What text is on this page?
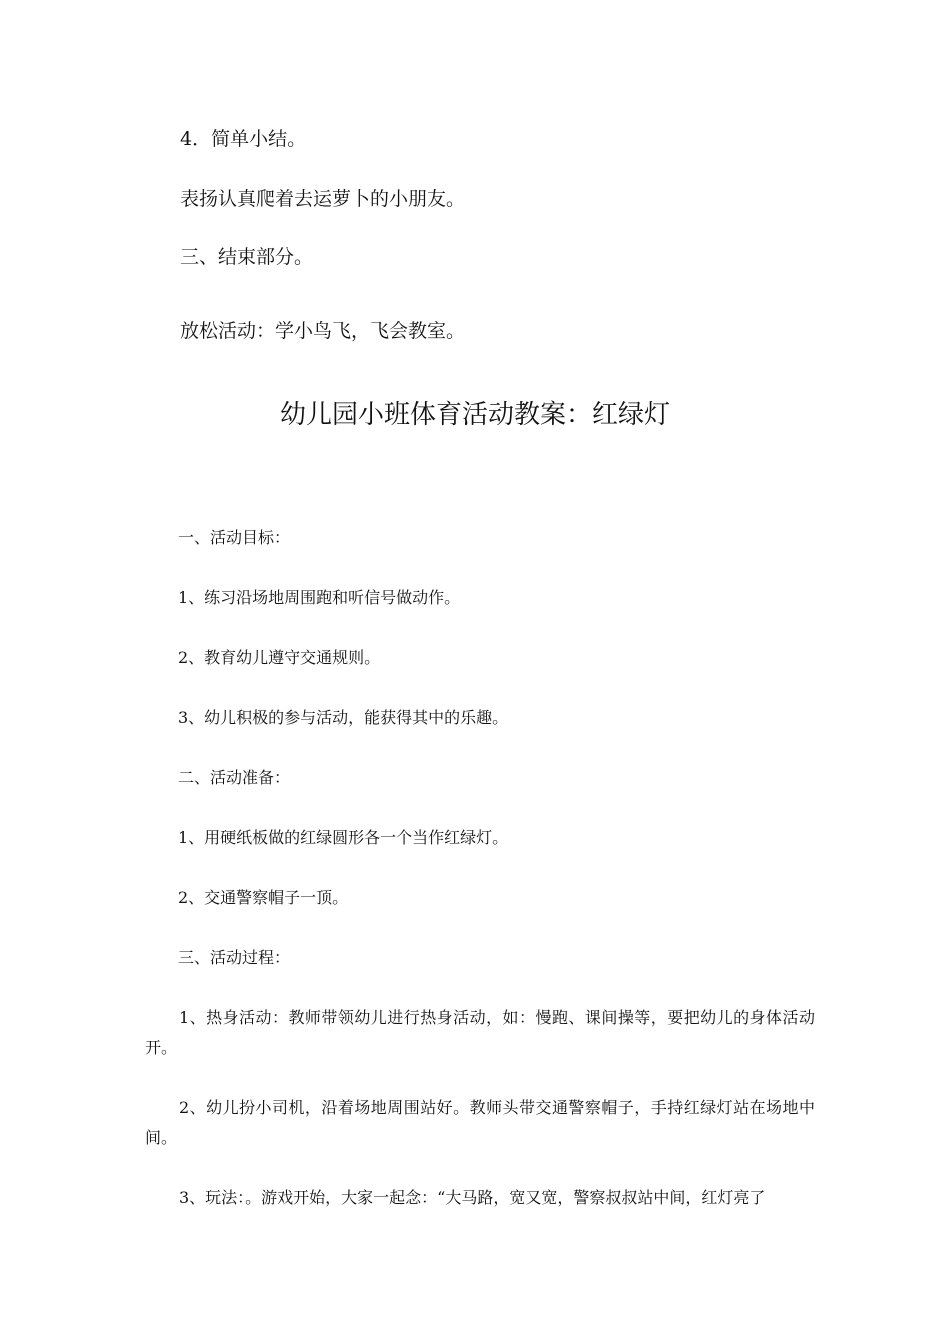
4．简单小结。
表扬认真爬着去运萝卜的小朋友。
三、结束部分。
放松活动：学小鸟飞，飞会教室。
幼儿园小班体育活动教案：红绿灯
一、活动目标：
1、练习沿场地周围跑和听信号做动作。
2、教育幼儿遵守交通规则。
3、幼儿积极的参与活动，能获得其中的乐趣。
二、活动准备：
1、用硬纸板做的红绿圆形各一个当作红绿灯。
2、交通警察帽子一顶。
三、活动过程：
1、热身活动：教师带领幼儿进行热身活动，如：慢跑、课间操等，要把幼儿的身体活动开。
2、幼儿扮小司机，沿着场地周围站好。教师头带交通警察帽子，手持红绿灯站在场地中间。
3、玩法：。游戏开始，大家一起念：“大马路，宽又宽，警察叔叔站中间，红灯亮了
